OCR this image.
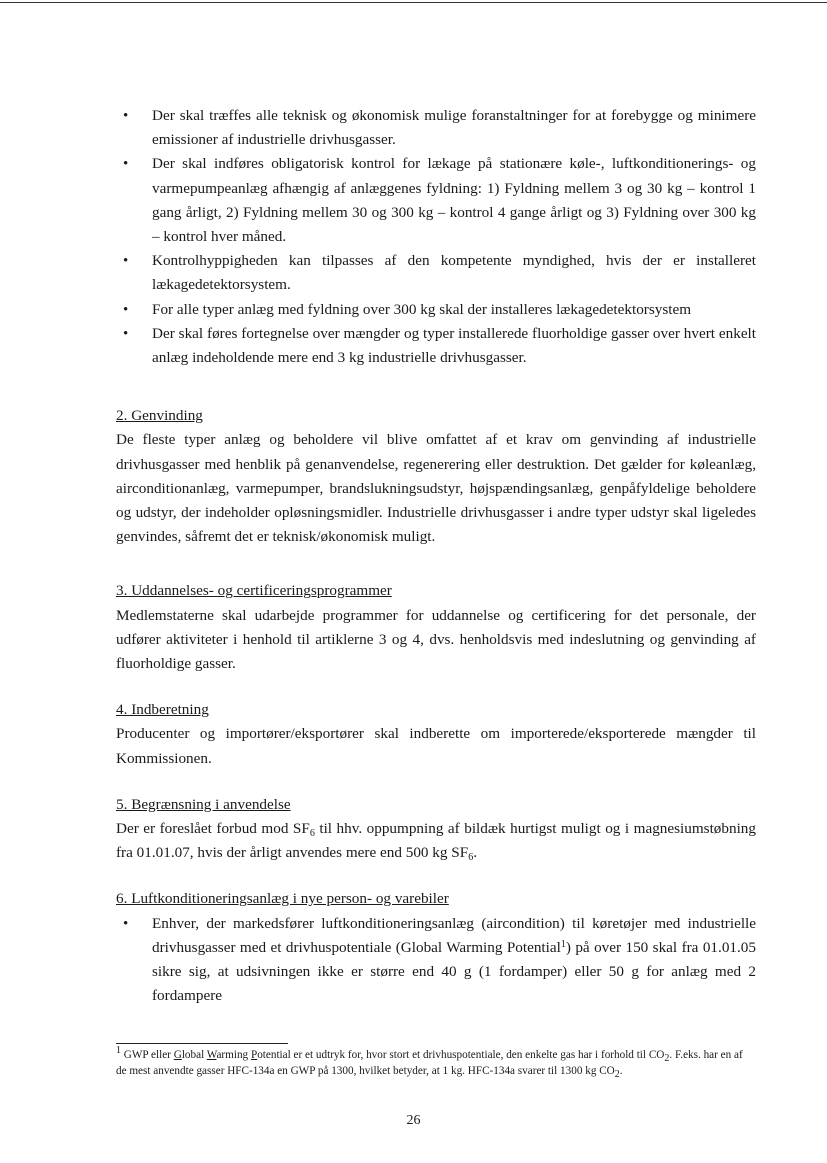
• Der skal træffes alle teknisk og økonomisk mulige foranstaltninger for at forebygge og minimere emissioner af industrielle drivhusgasser.
• Der skal indføres obligatorisk kontrol for lækage på stationære køle-, luftkonditionerings- og varmepumpeanlæg afhængig af anlæggenes fyldning: 1) Fyldning mellem 3 og 30 kg – kontrol 1 gang årligt, 2) Fyldning mellem 30 og 300 kg – kontrol 4 gange årligt og 3) Fyldning over 300 kg – kontrol hver måned.
• Kontrolhyppigheden kan tilpasses af den kompetente myndighed, hvis der er installeret lækagedetektorsystem.
• For alle typer anlæg med fyldning over 300 kg skal der installeres lækagedetektorsystem
• Der skal føres fortegnelse over mængder og typer installerede fluorholdige gasser over hvert enkelt anlæg indeholdende mere end 3 kg industrielle drivhusgasser.
2. Genvinding
De fleste typer anlæg og beholdere vil blive omfattet af et krav om genvinding af industrielle drivhusgasser med henblik på genanvendelse, regenerering eller destruktion. Det gælder for køleanlæg, airconditionanlæg, varmepumper, brandslukningsudstyr, højspændingsanlæg, genpåfyldelige beholdere og udstyr, der indeholder opløsningsmidler. Industrielle drivhusgasser i andre typer udstyr skal ligeledes genvindes, såfremt det er teknisk/økonomisk muligt.
3. Uddannelses- og certificeringsprogrammer
Medlemstaterne skal udarbejde programmer for uddannelse og certificering for det personale, der udfører aktiviteter i henhold til artiklerne 3 og 4, dvs. henholdsvis med indeslutning og genvinding af fluorholdige gasser.
4. Indberetning
Producenter og importører/eksportører skal indberette om importerede/eksporterede mængder til Kommissionen.
5. Begrænsning i anvendelse
Der er foreslået forbud mod $SF_6$ til hhv. oppumpning af bildæk hurtigst muligt og i magnesiumstøbning fra 01.01.07, hvis der årligt anvendes mere end 500 kg $SF_6$.
6. Luftkonditioneringsanlæg i nye person- og varebiler
• Enhver, der markedsfører luftkonditioneringsanlæg (aircondition) til køretøjer med industrielle drivhusgasser med et drivhuspotentiale (Global Warming Potential$^1$) på over 150 skal fra 01.01.05 sikre sig, at udsivningen ikke er større end 40 g (1 fordamper) eller 50 g for anlæg med 2 fordampere
$^1$ GWP eller Global Warming Potential er et udtryk for, hvor stort et drivhuspotentiale, den enkelte gas har i forhold til $CO_2$. F.eks. har en af de mest anvendte gasser HFC-134a en GWP på 1300, hvilket betyder, at 1 kg. HFC-134a svarer til 1300 kg $CO_2$.
26
